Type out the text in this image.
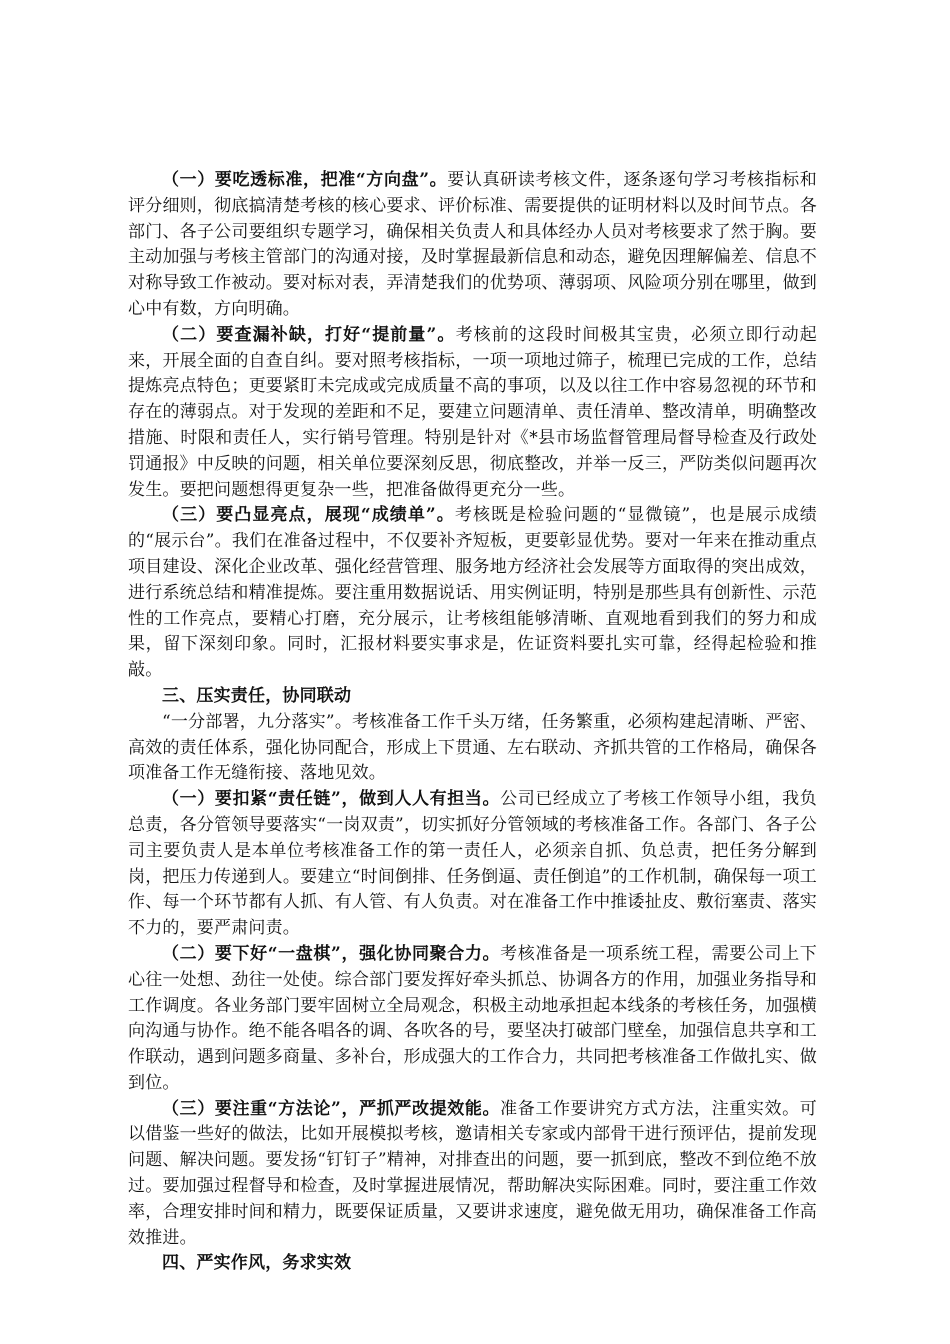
（一）要吃透标准，把准“方向盘”。要认真研读考核文件，逐条逐句学习考核指标和评分细则，彻底搞清楚考核的核心要求、评价标准、需要提供的证明材料以及时间节点。各部门、各子公司要组织专题学习，确保相关负责人和具体经办人员对考核要求了然于胸。要主动加强与考核主管部门的沟通对接，及时掌握最新信息和动态，避免因理解偏差、信息不对称导致工作被动。要对标对表，弄清楚我们的优势项、薄弱项、风险项分别在哪里，做到心中有数，方向明确。

（二）要查漏补缺，打好“提前量”。考核前的这段时间极其宝贵，必须立即行动起来，开展全面的自查自纠。要对照考核指标，一项一项地过筛子，梳理已完成的工作，总结提炼亮点特色；更要紧盯未完成或完成质量不高的事项，以及以往工作中容易忽视的环节和存在的薄弱点。对于发现的差距和不足，要建立问题清单、责任清单、整改清单，明确整改措施、时限和责任人，实行销号管理。特别是针对《*县市场监督管理局督导检查及行政处罚通报》中反映的问题，相关单位要深刻反思，彻底整改，并举一反三，严防类似问题再次发生。要把问题想得更复杂一些，把准备做得更充分一些。

（三）要凸显亮点，展现“成绩单”。考核既是检验问题的“显微镜”，也是展示成绩的“展示台”。我们在准备过程中，不仅要补齐短板，更要彰显优势。要对一年来在推动重点项目建设、深化企业改革、强化经营管理、服务地方经济社会发展等方面取得的突出成效，进行系统总结和精准提炼。要注重用数据说话、用实例证明，特别是那些具有创新性、示范性的工作亮点，要精心打磨，充分展示，让考核组能够清晰、直观地看到我们的努力和成果，留下深刻印象。同时，汇报材料要实事求是，佐证资料要扎实可靠，经得起检验和推敲。

三、压实责任，协同联动

“一分部署，九分落实”。考核准备工作千头万绪，任务繁重，必须构建起清晰、严密、高效的责任体系，强化协同配合，形成上下贯通、左右联动、齐抓共管的工作格局，确保各项准备工作无缝衔接、落地见效。

（一）要扣紧“责任链”，做到人人有担当。公司已经成立了考核工作领导小组，我负总责，各分管领导要落实“一岗双责”，切实抓好分管领域的考核准备工作。各部门、各子公司主要负责人是本单位考核准备工作的第一责任人，必须亲自抓、负总责，把任务分解到岗，把压力传递到人。要建立“时间倒排、任务倒逼、责任倒追”的工作机制，确保每一项工作、每一个环节都有人抓、有人管、有人负责。对在准备工作中推诿扯皮、敷衍塞责、落实不力的，要严肃问责。

（二）要下好“一盘棋”，强化协同聚合力。考核准备是一项系统工程，需要公司上下心往一处想、劲往一处使。综合部门要发挥好牵头抓总、协调各方的作用，加强业务指导和工作调度。各业务部门要牢固树立全局观念，积极主动地承担起本线条的考核任务，加强横向沟通与协作。绝不能各唱各的调、各吹各的号，要坚决打破部门壁垒，加强信息共享和工作联动，遇到问题多商量、多补台，形成强大的工作合力，共同把考核准备工作做扎实、做到位。

（三）要注重“方法论”，严抓严改提效能。准备工作要讲究方式方法，注重实效。可以借鉴一些好的做法，比如开展模拟考核，邀请相关专家或内部骨干进行预评估，提前发现问题、解决问题。要发扬“钉钉子”精神，对排查出的问题，要一抓到底，整改不到位绝不放过。要加强过程督导和检查，及时掌握进展情况，帮助解决实际困难。同时，要注重工作效率，合理安排时间和精力，既要保证质量，又要讲求速度，避免做无用功，确保准备工作高效推进。

四、严实作风，务求实效
